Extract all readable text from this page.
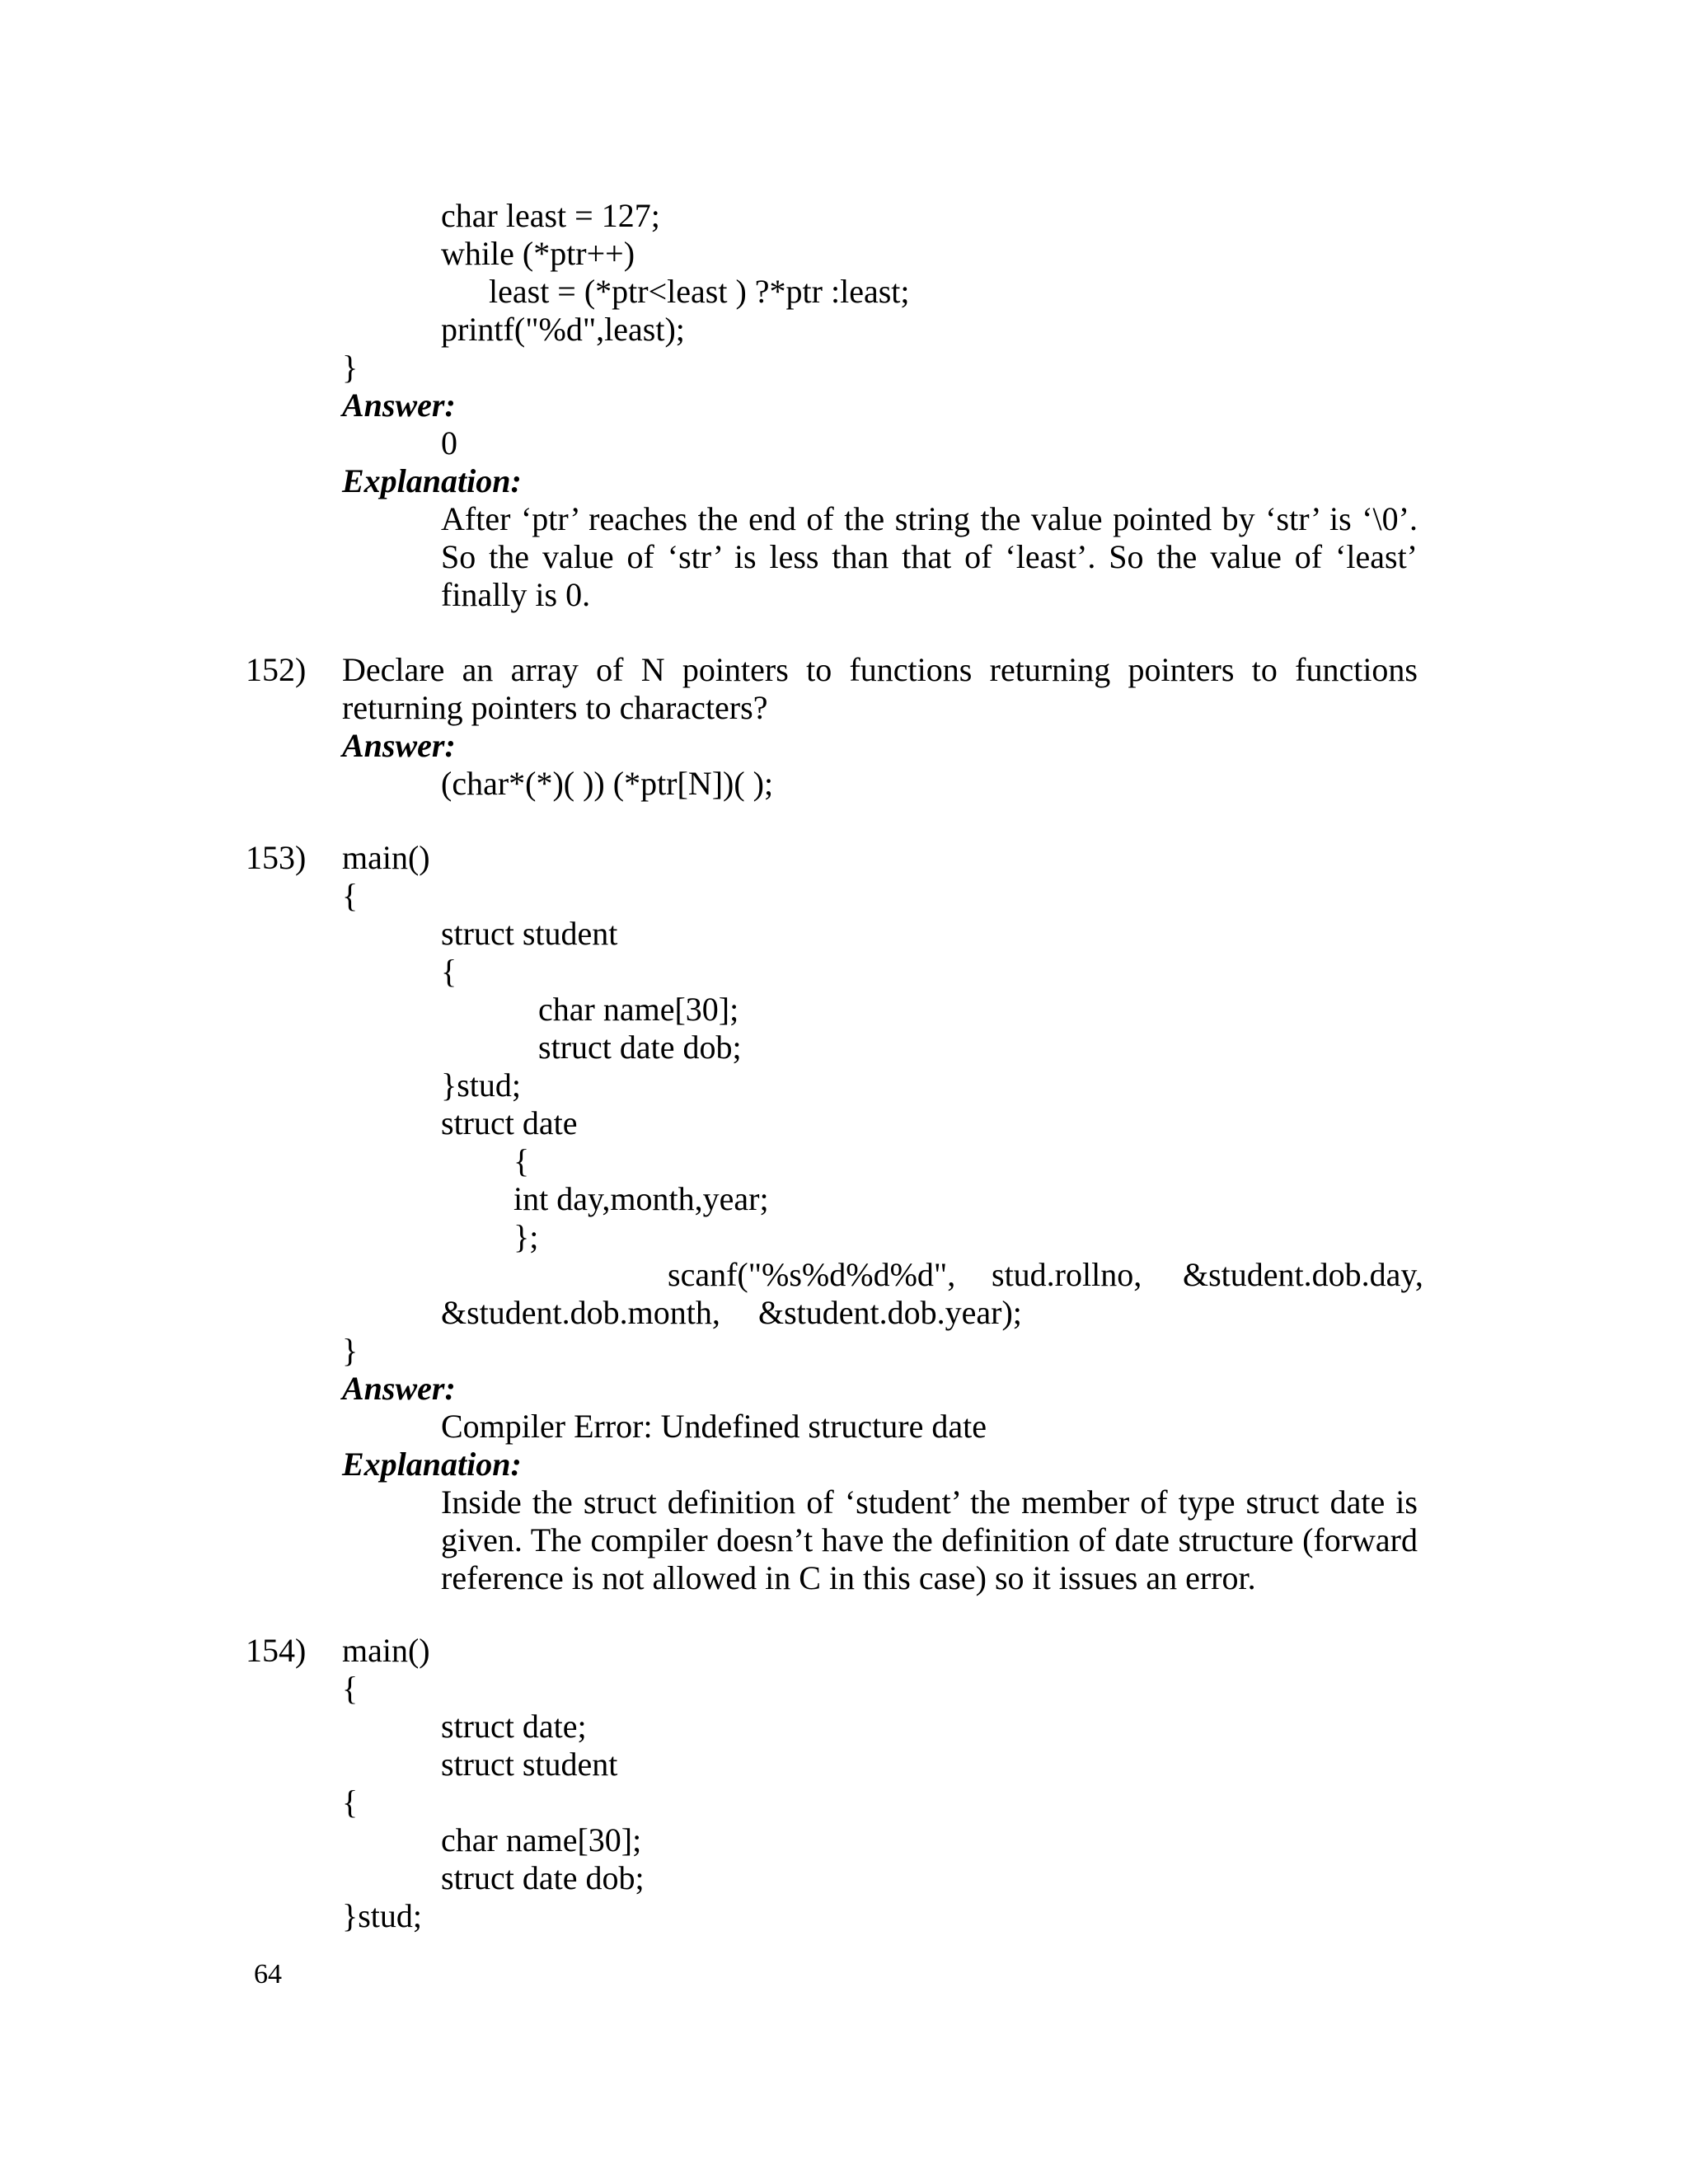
char least = 127;
while (*ptr++)
least = (*ptr<least ) ?*ptr :least;
printf("%d",least);
}
Answer:
0
Explanation:
After ‘ptr’ reaches the end of the string the value pointed by ‘str’ is ‘\0’. So the value of ‘str’ is less than that of ‘least’. So the value of ‘least’ finally is 0.
152) Declare an array of N pointers to functions returning pointers to functions returning pointers to characters?
Answer:
(char*(*)( )) (*ptr[N])( );
153) main()
{
struct student
{
char name[30];
struct date dob;
}stud;
struct date
{
int day,month,year;
};
scanf("%s%d%d%d", stud.rollno, &student.dob.day,
&student.dob.month, &student.dob.year);
}
Answer:
Compiler Error: Undefined structure date
Explanation:
Inside the struct definition of ‘student’ the member of type struct date is given. The compiler doesn’t have the definition of date structure (forward reference is not allowed in C in this case) so it issues an error.
154) main()
{
struct date;
struct student
{
char name[30];
struct date dob;
}stud;
64
